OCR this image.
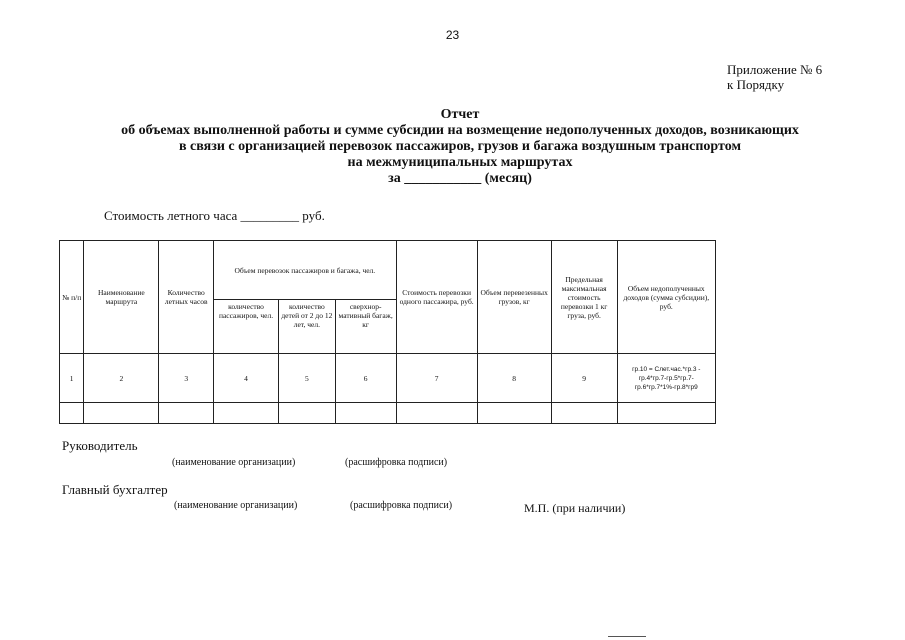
23
Приложение № 6
к Порядку
Отчет
об объемах выполненной работы и сумме субсидии на возмещение недополученных доходов, возникающих
в связи с организацией перевозок пассажиров, грузов и багажа воздушным транспортом
на межмуниципальных маршрутах
за ___________ (месяц)
Стоимость летного часа _________ руб.
№ п/п	Наименование маршрута	Количество летных часов	Объем перевозок пассажиров и багажа, чел.			Стоимость перевозки одного пассажира, руб.	Объем перевезенных грузов, кг	Предельная максимальная стоимость перевозки 1 кг груза, руб.	Объем недополученных доходов (сумма субсидии), руб.
			количество пассажиров, чел.	количество детей от 2 до 12 лет, чел.	сверхнор-мативный багаж, кг				
1	2	3	4	5	6	7	8	9	гр.10 = Слет.час.*гр.3 - гр.4*гр.7-гр.5*гр.7-гр.6*гр.7*1%-гр.8*гр9

Руководитель
(наименование организации)	(расшифровка подписи)
Главный бухгалтер
(наименование организации)	(расшифровка подписи)	М.П. (при наличии)
